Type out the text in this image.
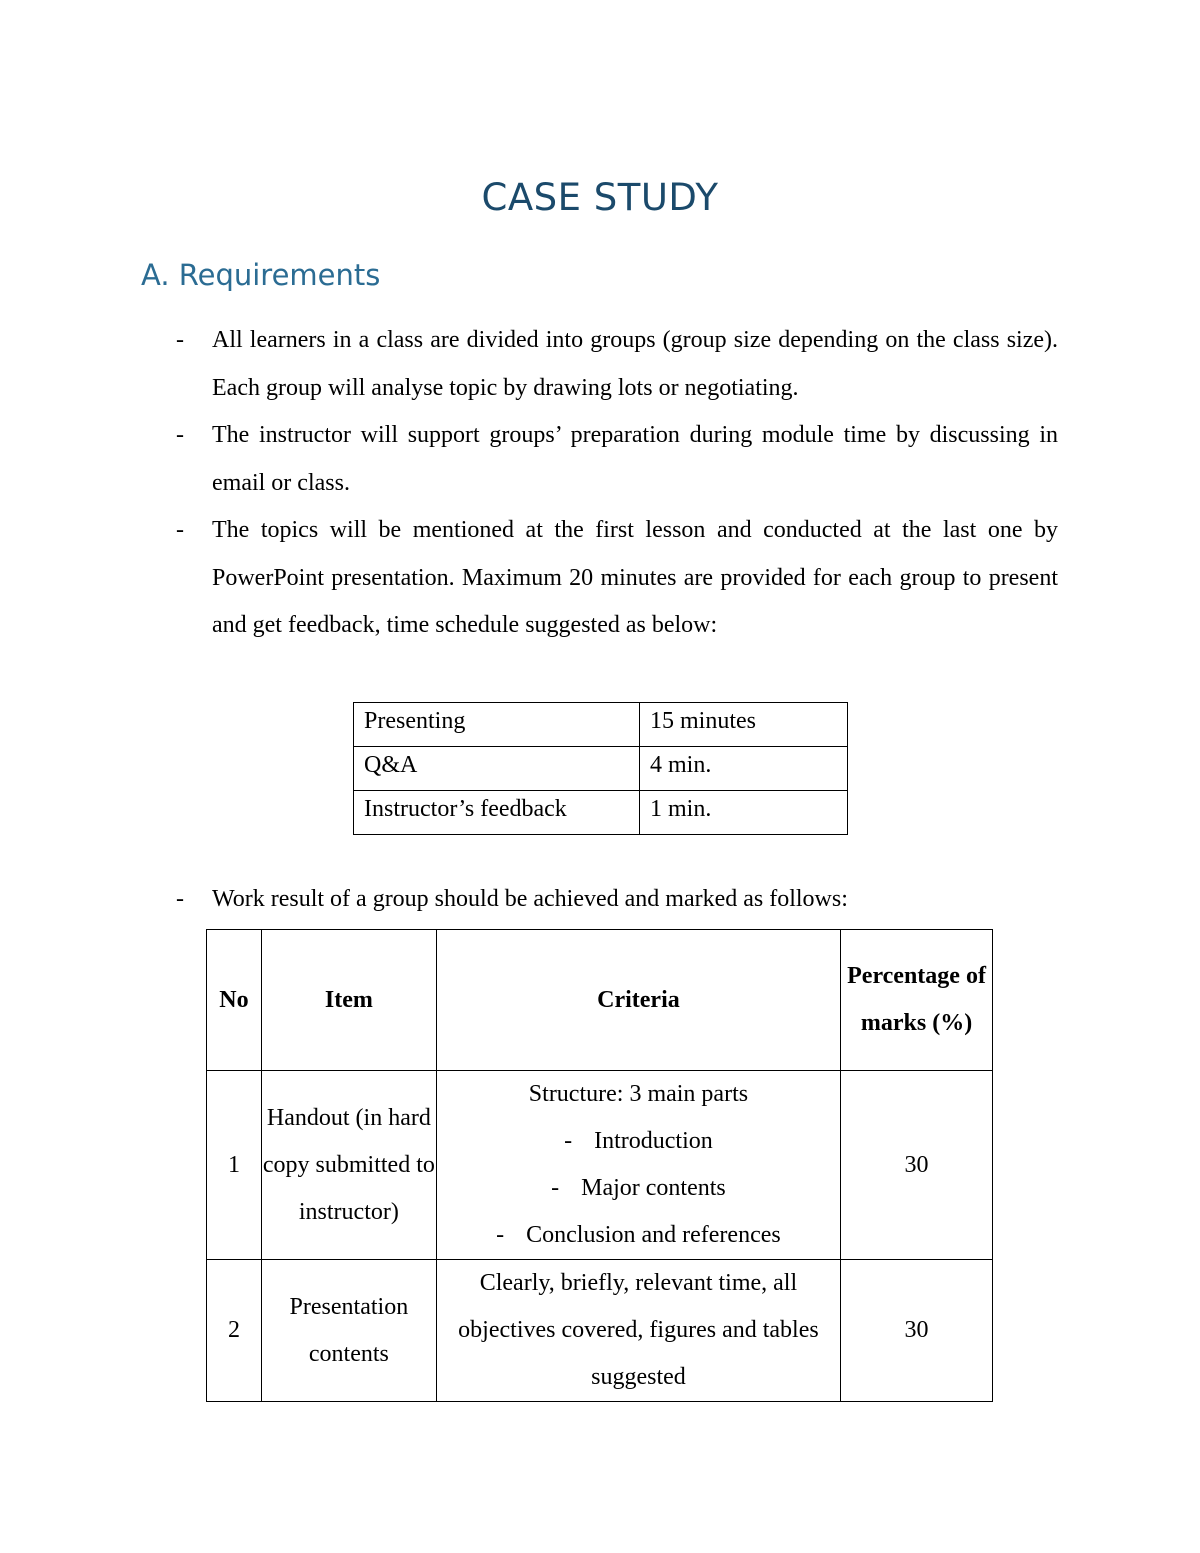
CASE STUDY
A. Requirements
- All learners in a class are divided into groups (group size depending on the class size). Each group will analyse topic by drawing lots or negotiating.
- The instructor will support groups’ preparation during module time by discussing in email or class.
- The topics will be mentioned at the first lesson and conducted at the last one by PowerPoint presentation. Maximum 20 minutes are provided for each group to present and get feedback, time schedule suggested as below:
Presenting	15 minutes
Q&A	4 min.
Instructor’s feedback	1 min.

- Work result of a group should be achieved and marked as follows:

No	Item	Criteria	Percentage of marks (%)
1	Handout (in hard copy submitted to instructor)	Structure: 3 main parts
- Introduction
- Major contents
- Conclusion and references	30
2	Presentation contents	Clearly, briefly, relevant time, all objectives covered, figures and tables suggested	30
